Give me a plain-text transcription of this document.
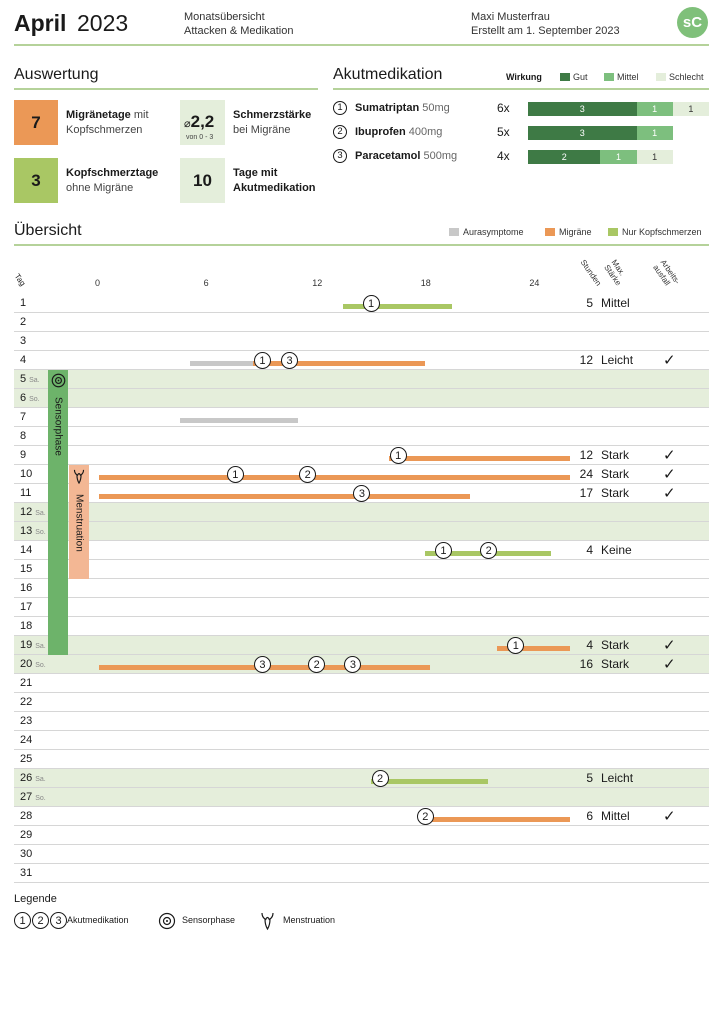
April 2023	Monatsübersicht
Attacken & Medikation
Maxi Musterfrau
Erstellt am 1. September 2023	sC
Auswertung
7	Migränetage mit
Kopfschmerzen	⌀2,2
von 0 - 3
Schmerzstärke
bei Migräne
3	Kopfschmerztage
ohne Migräne	10	Tage mit
Akutmedikation
Akutmedikation	Wirkung	Gut	Mittel	Schlecht
1	Sumatriptan 50mg	6x	3	1	1
2	Ibuprofen 400mg	5x	3	1
3	Paracetamol 500mg	4x	2	1	1
Übersicht	Aurasymptome	Migräne	Nur Kopfschmerzen
Tag	Stunden Max. Stärke	Arbeits- ausfall
0	6	12	18	24
1	5 Mittel
2
3
4	12 Leicht ✓
5 Sa.
6 So.
7
8
9	12 Stark ✓
10	24 Stark ✓
11	17 Stark ✓
12 Sa.
13 So.
14	4 Keine
15
16
17
18
19 Sa.	4 Stark ✓
20 So.	16 Stark ✓
21
22
23
24
25
26 Sa.	5 Leicht
27 So.
28	6 Mittel ✓
29
30
31
Sensorphase
Menstruation
1
1	3
1
1	2
3
1	2
1
3	2	3
2
2
Legende
1	2	3 Akutmedikation	Sensorphase	Menstruation
